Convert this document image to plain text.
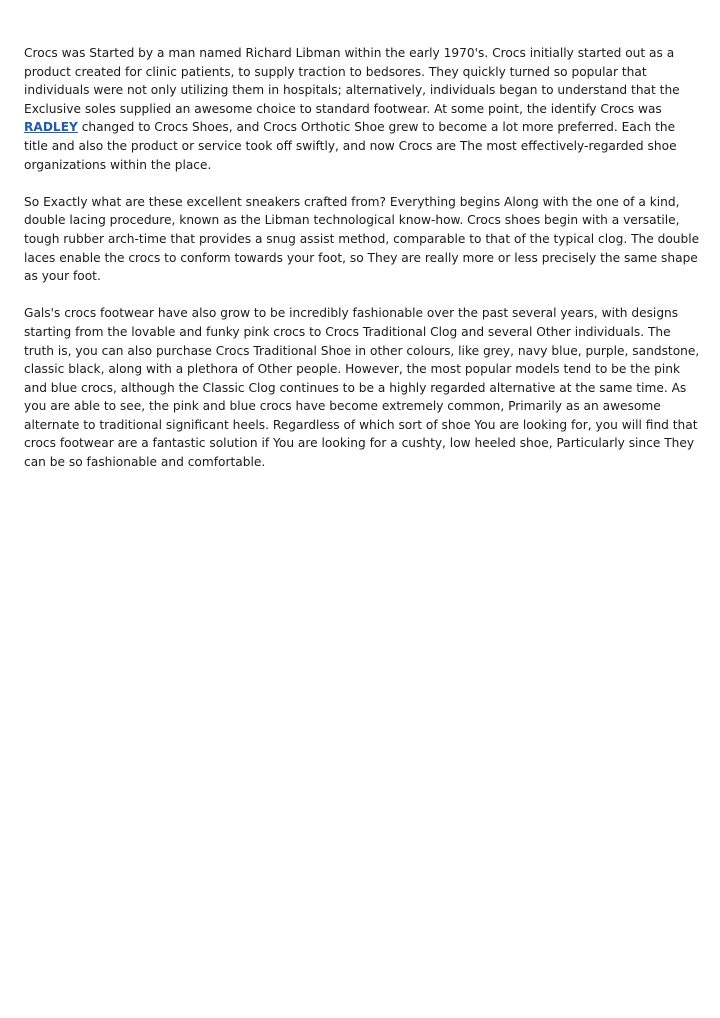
Crocs was Started by a man named Richard Libman within the early 1970's. Crocs initially started out as a product created for clinic patients, to supply traction to bedsores. They quickly turned so popular that individuals were not only utilizing them in hospitals; alternatively, individuals began to understand that the Exclusive soles supplied an awesome choice to standard footwear. At some point, the identify Crocs was RADLEY changed to Crocs Shoes, and Crocs Orthotic Shoe grew to become a lot more preferred. Each the title and also the product or service took off swiftly, and now Crocs are The most effectively-regarded shoe organizations within the place.

So Exactly what are these excellent sneakers crafted from? Everything begins Along with the one of a kind, double lacing procedure, known as the Libman technological know-how. Crocs shoes begin with a versatile, tough rubber arch-time that provides a snug assist method, comparable to that of the typical clog. The double laces enable the crocs to conform towards your foot, so They are really more or less precisely the same shape as your foot.

Gals's crocs footwear have also grow to be incredibly fashionable over the past several years, with designs starting from the lovable and funky pink crocs to Crocs Traditional Clog and several Other individuals. The truth is, you can also purchase Crocs Traditional Shoe in other colours, like grey, navy blue, purple, sandstone, classic black, along with a plethora of Other people. However, the most popular models tend to be the pink and blue crocs, although the Classic Clog continues to be a highly regarded alternative at the same time. As you are able to see, the pink and blue crocs have become extremely common, Primarily as an awesome alternate to traditional significant heels. Regardless of which sort of shoe You are looking for, you will find that crocs footwear are a fantastic solution if You are looking for a cushty, low heeled shoe, Particularly since They can be so fashionable and comfortable.
